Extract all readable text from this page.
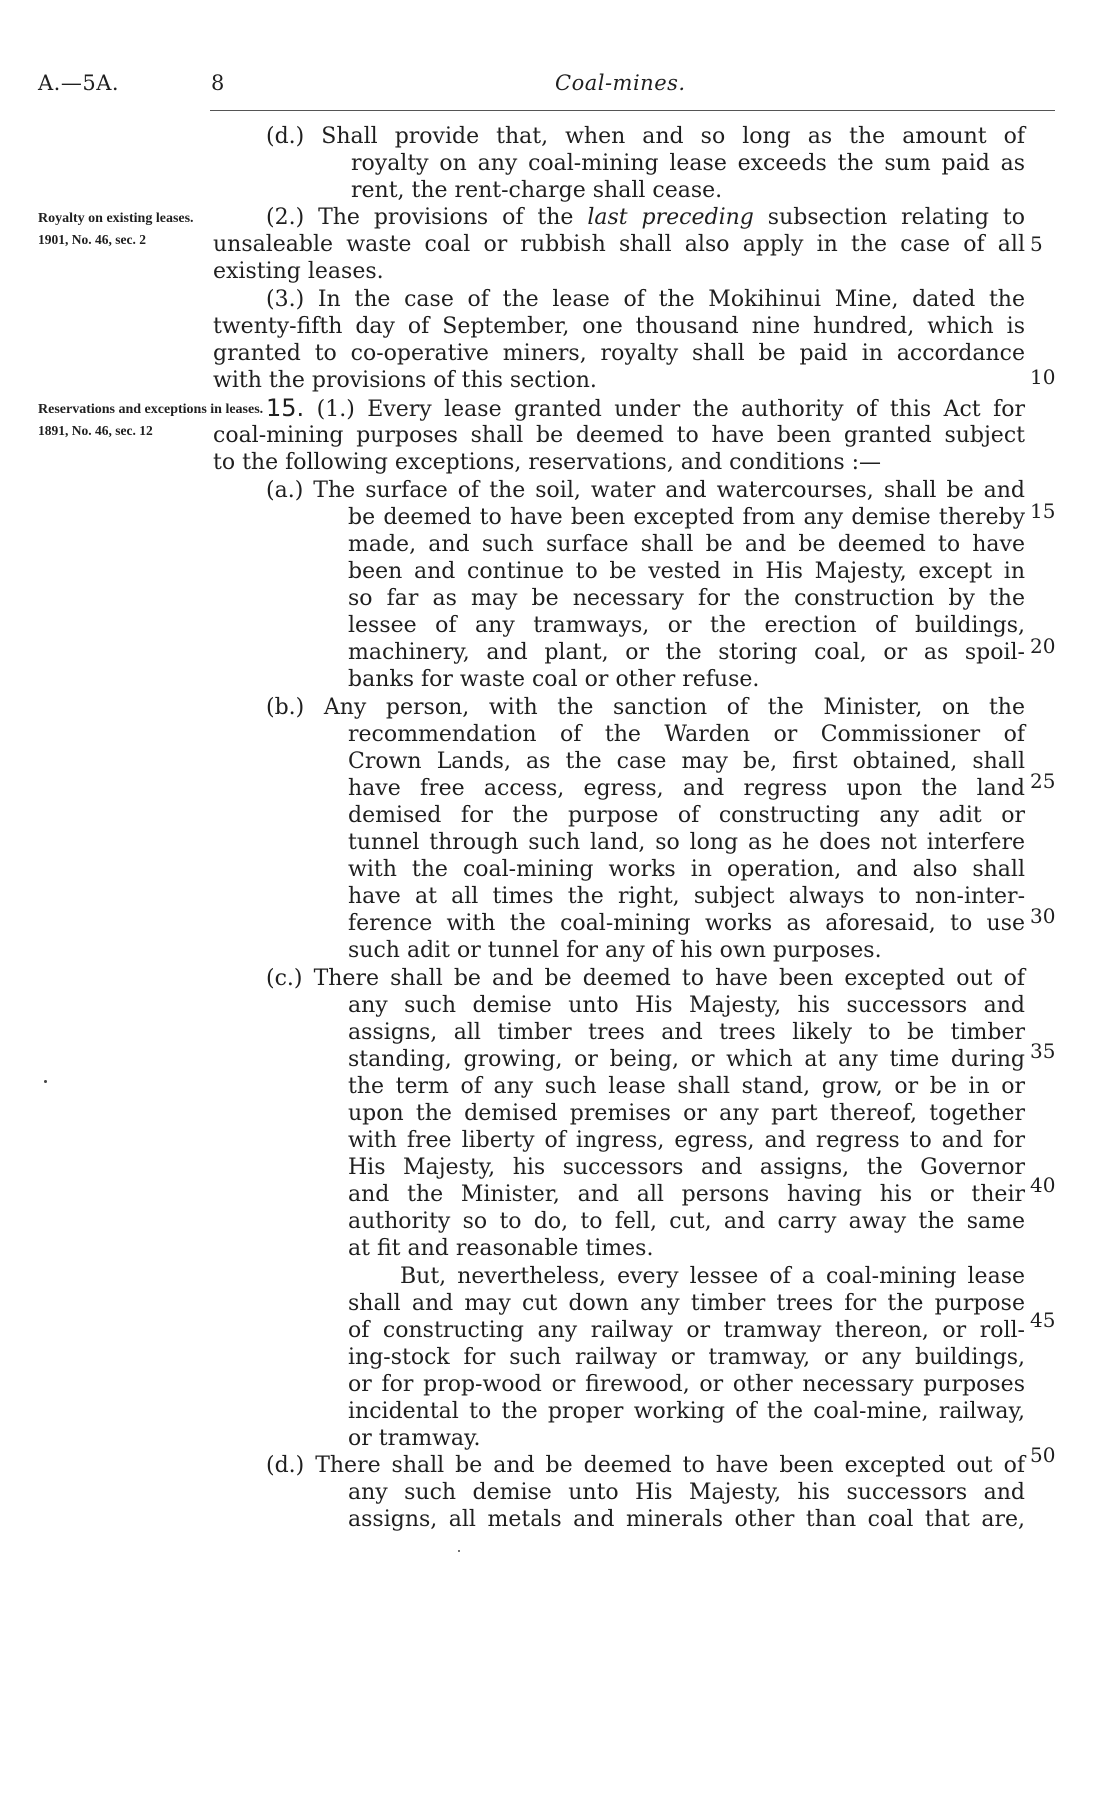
A.—5A.	8	Coal-mines.
Royalty on existing leases.
1901, No. 46, sec. 2
Reservations and exceptions in leases.
1891, No. 46, sec. 12
5
10
15
20
25
30
35
40
45
50
(d.) Shall provide that, when and so long as the amount of
royalty on any coal-mining lease exceeds the sum paid as
rent, the rent-charge shall cease.
(2.) The provisions of the last preceding subsection relating to
unsaleable waste coal or rubbish shall also apply in the case of all
existing leases.
(3.) In the case of the lease of the Mokihinui Mine, dated the
twenty-fifth day of September, one thousand nine hundred, which is
granted to co-operative miners, royalty shall be paid in accordance
with the provisions of this section.
15. (1.) Every lease granted under the authority of this Act for
coal-mining purposes shall be deemed to have been granted subject
to the following exceptions, reservations, and conditions :—
(a.) The surface of the soil, water and watercourses, shall be and
be deemed to have been excepted from any demise thereby
made, and such surface shall be and be deemed to have
been and continue to be vested in His Majesty, except in
so far as may be necessary for the construction by the
lessee of any tramways, or the erection of buildings,
machinery, and plant, or the storing coal, or as spoil-
banks for waste coal or other refuse.
(b.) Any person, with the sanction of the Minister, on the
recommendation of the Warden or Commissioner of
Crown Lands, as the case may be, first obtained, shall
have free access, egress, and regress upon the land
demised for the purpose of constructing any adit or
tunnel through such land, so long as he does not interfere
with the coal-mining works in operation, and also shall
have at all times the right, subject always to non-inter-
ference with the coal-mining works as aforesaid, to use
such adit or tunnel for any of his own purposes.
(c.) There shall be and be deemed to have been excepted out of
any such demise unto His Majesty, his successors and
assigns, all timber trees and trees likely to be timber
standing, growing, or being, or which at any time during
the term of any such lease shall stand, grow, or be in or
upon the demised premises or any part thereof, together
with free liberty of ingress, egress, and regress to and for
His Majesty, his successors and assigns, the Governor
and the Minister, and all persons having his or their
authority so to do, to fell, cut, and carry away the same
at fit and reasonable times.
But, nevertheless, every lessee of a coal-mining lease
shall and may cut down any timber trees for the purpose
of constructing any railway or tramway thereon, or roll-
ing-stock for such railway or tramway, or any buildings,
or for prop-wood or firewood, or other necessary purposes
incidental to the proper working of the coal-mine, railway,
or tramway.
(d.) There shall be and be deemed to have been excepted out of
any such demise unto His Majesty, his successors and
assigns, all metals and minerals other than coal that are,
